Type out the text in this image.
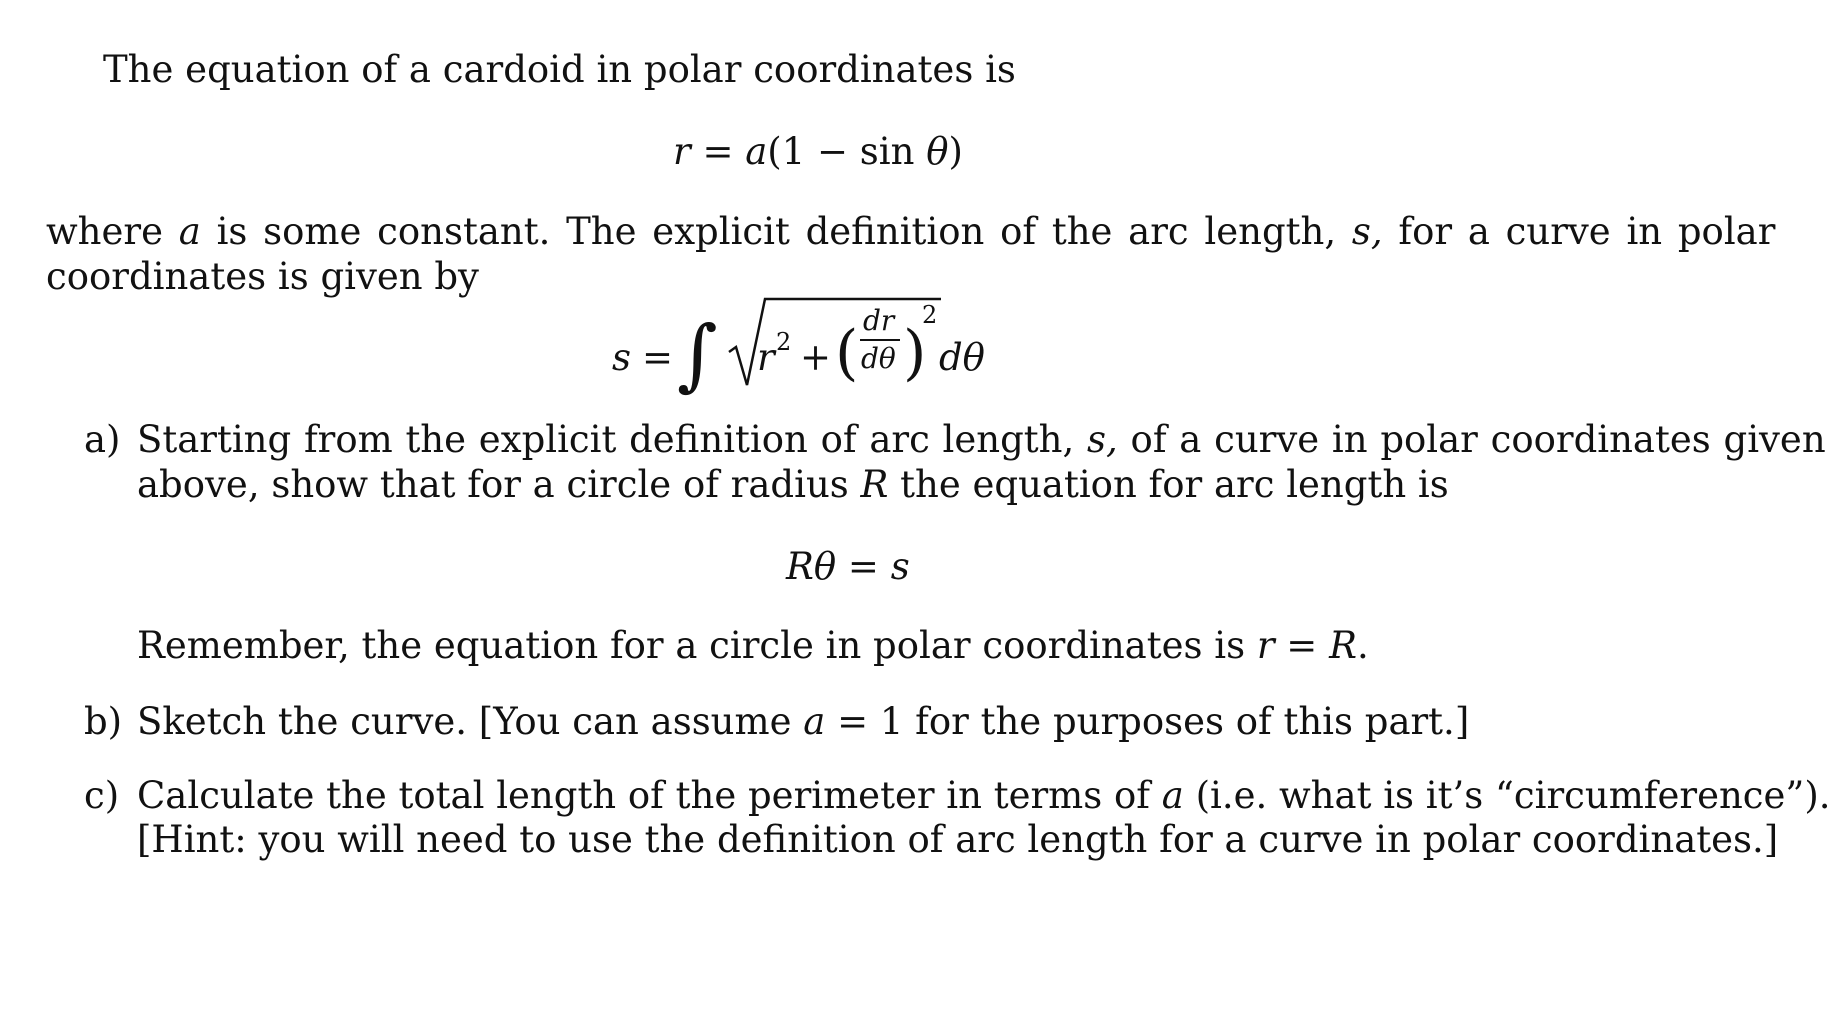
The equation of a cardoid in polar coordinates is
r = a(1 − sin θ)
where a is some constant. The explicit definition of the arc length, s, for a curve in polar
coordinates is given by
s = ∫ r 2 + ( dr
dθ )
2
dθ
a) Starting from the explicit definition of arc length, s, of a curve in polar coordinates given
above, show that for a circle of radius R the equation for arc length is
Rθ = s
Remember, the equation for a circle in polar coordinates is r = R.
b) Sketch the curve. [You can assume a = 1 for the purposes of this part.]
c) Calculate the total length of the perimeter in terms of a (i.e. what is it’s “circumference”).
[Hint: you will need to use the definition of arc length for a curve in polar coordinates.]
